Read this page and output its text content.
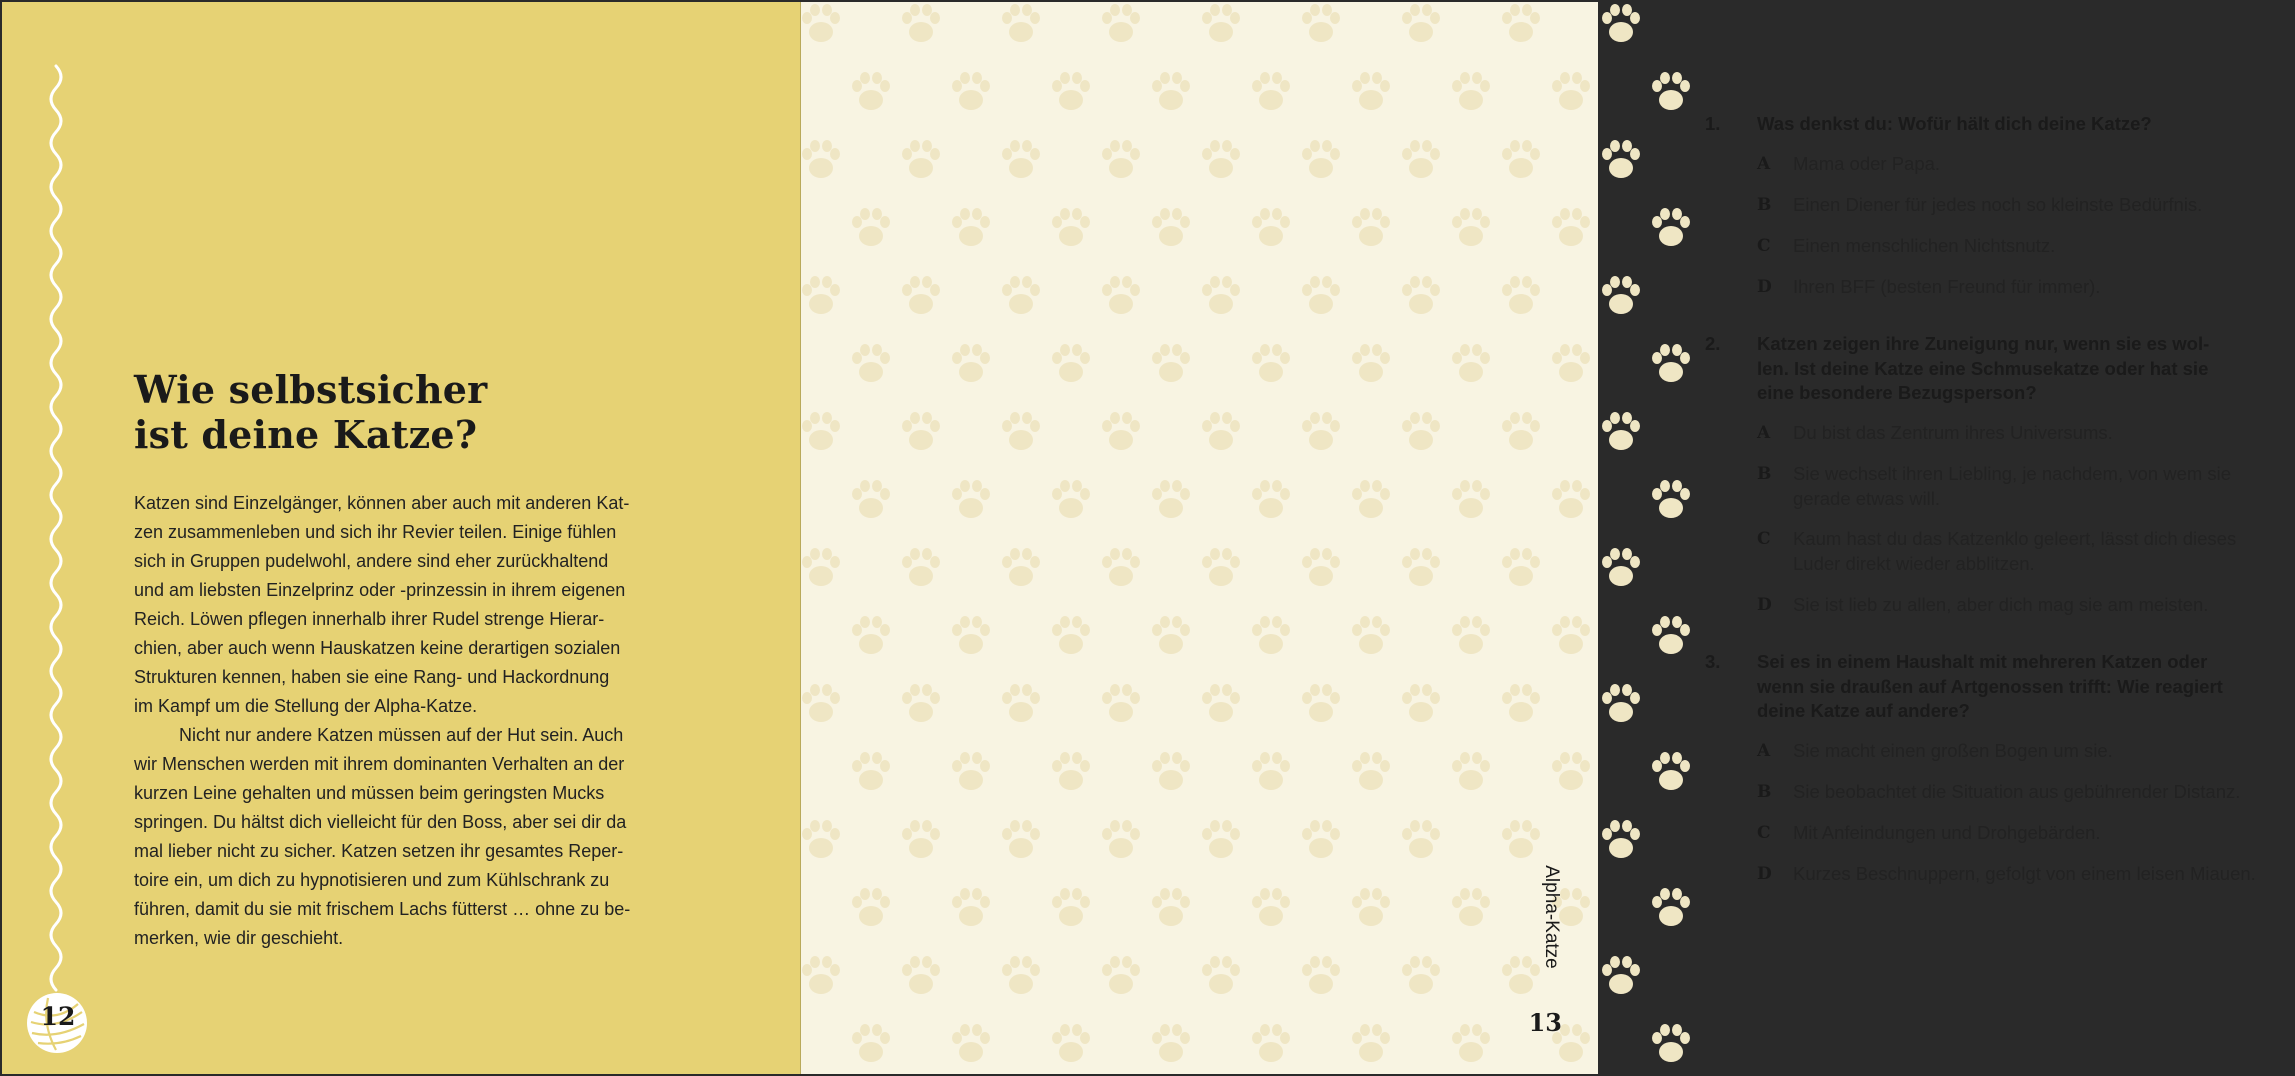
12
Wie selbstsicher
ist deine Katze?

Katzen sind Einzelgänger, können aber auch mit anderen Kat-
zen zusammenleben und sich ihr Revier teilen. Einige fühlen
sich in Gruppen pudelwohl, andere sind eher zurückhaltend
und am liebsten Einzelprinz oder -prinzessin in ihrem eigenen
Reich. Löwen pflegen innerhalb ihrer Rudel strenge Hierar-
chien, aber auch wenn Hauskatzen keine derartigen sozialen
Strukturen kennen, haben sie eine Rang- und Hackordnung
im Kampf um die Stellung der Alpha-Katze.

Nicht nur andere Katzen müssen auf der Hut sein. Auch
wir Menschen werden mit ihrem dominanten Verhalten an der
kurzen Leine gehalten und müssen beim geringsten Mucks
springen. Du hältst dich vielleicht für den Boss, aber sei dir da
mal lieber nicht zu sicher. Katzen setzen ihr gesamtes Reper-
toire ein, um dich zu hypnotisieren und zum Kühlschrank zu
führen, damit du sie mit frischem Lachs fütterst … ohne zu be-
merken, wie dir geschieht.

1.	Was denkst du: Wofür hält dich deine Katze?
A	Mama oder Papa.
B	Einen Diener für jedes noch so kleinste Bedürfnis.
C	Einen menschlichen Nichtsnutz.
D	Ihren BFF (besten Freund für immer).
2.	Katzen zeigen ihre Zuneigung nur, wenn sie es wol-
len. Ist deine Katze eine Schmusekatze oder hat sie
eine besondere Bezugsperson?
A	Du bist das Zentrum ihres Universums.
B	Sie wechselt ihren Liebling, je nachdem, von wem sie
gerade etwas will.
C	Kaum hast du das Katzenklo geleert, lässt dich dieses
Luder direkt wieder abblitzen.
D	Sie ist lieb zu allen, aber dich mag sie am meisten.
3.	Sei es in einem Haushalt mit mehreren Katzen oder
wenn sie draußen auf Artgenossen trifft: Wie reagiert
deine Katze auf andere?
A	Sie macht einen großen Bogen um sie.
B	Sie beobachtet die Situation aus gebührender Distanz.
C	Mit Anfeindungen und Drohgebärden.
D	Kurzes Beschnuppern, gefolgt von einem leisen Miauen.
Alpha-Katze
13
